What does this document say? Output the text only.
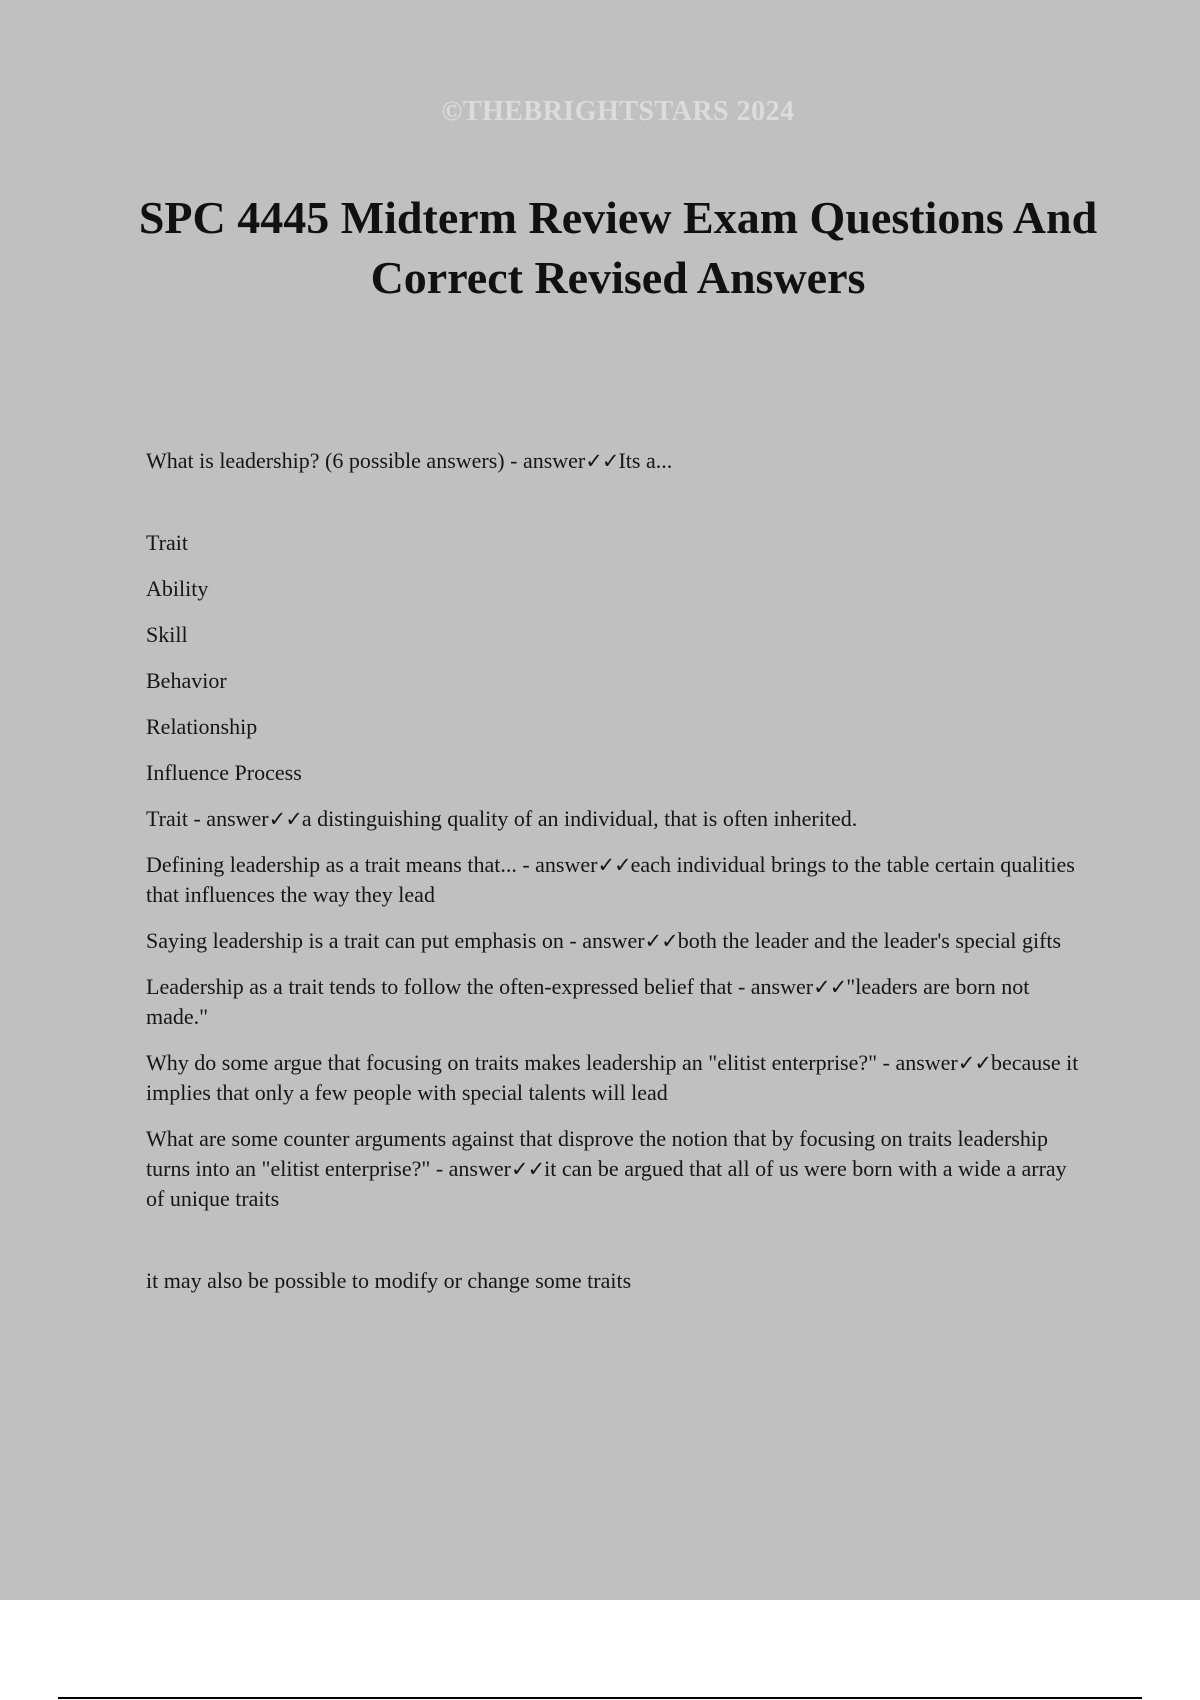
©THEBRIGHTSTARS 2024
SPC 4445 Midterm Review Exam Questions And Correct Revised Answers

What is leadership? (6 possible answers) - answer✓✓Its a...

Trait

Ability

Skill

Behavior

Relationship

Influence Process

Trait - answer✓✓a distinguishing quality of an individual, that is often inherited.

Defining leadership as a trait means that... - answer✓✓each individual brings to the table certain qualities that influences the way they lead

Saying leadership is a trait can put emphasis on - answer✓✓both the leader and the leader's special gifts

Leadership as a trait tends to follow the often-expressed belief that - answer✓✓"leaders are born not made."

Why do some argue that focusing on traits makes leadership an "elitist enterprise?" - answer✓✓because it implies that only a few people with special talents will lead

What are some counter arguments against that disprove the notion that by focusing on traits leadership turns into an "elitist enterprise?" - answer✓✓it can be argued that all of us were born with a wide a array of unique traits

it may also be possible to modify or change some traits
